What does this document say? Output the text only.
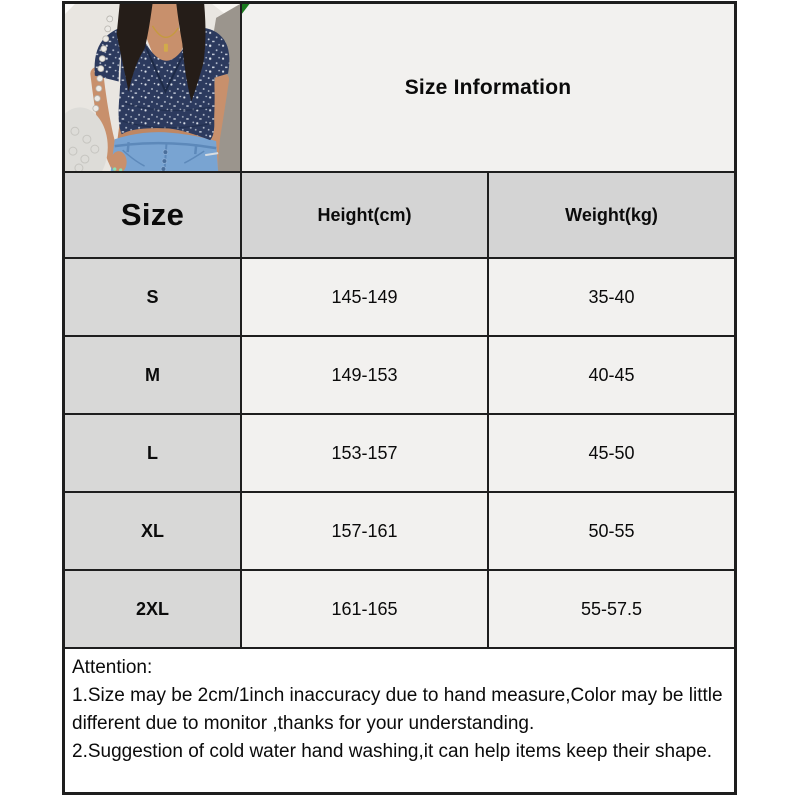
Size Information
Size	Height(cm)	Weight(kg)
S	145-149	35-40
M	149-153	40-45
L	153-157	45-50
XL	157-161	50-55
2XL	161-165	55-57.5
Attention:
1.Size may be 2cm/1inch inaccuracy due to hand measure,Color may be little different due to monitor ,thanks for your understanding.
2.Suggestion of cold water hand washing,it can help items keep their shape.
